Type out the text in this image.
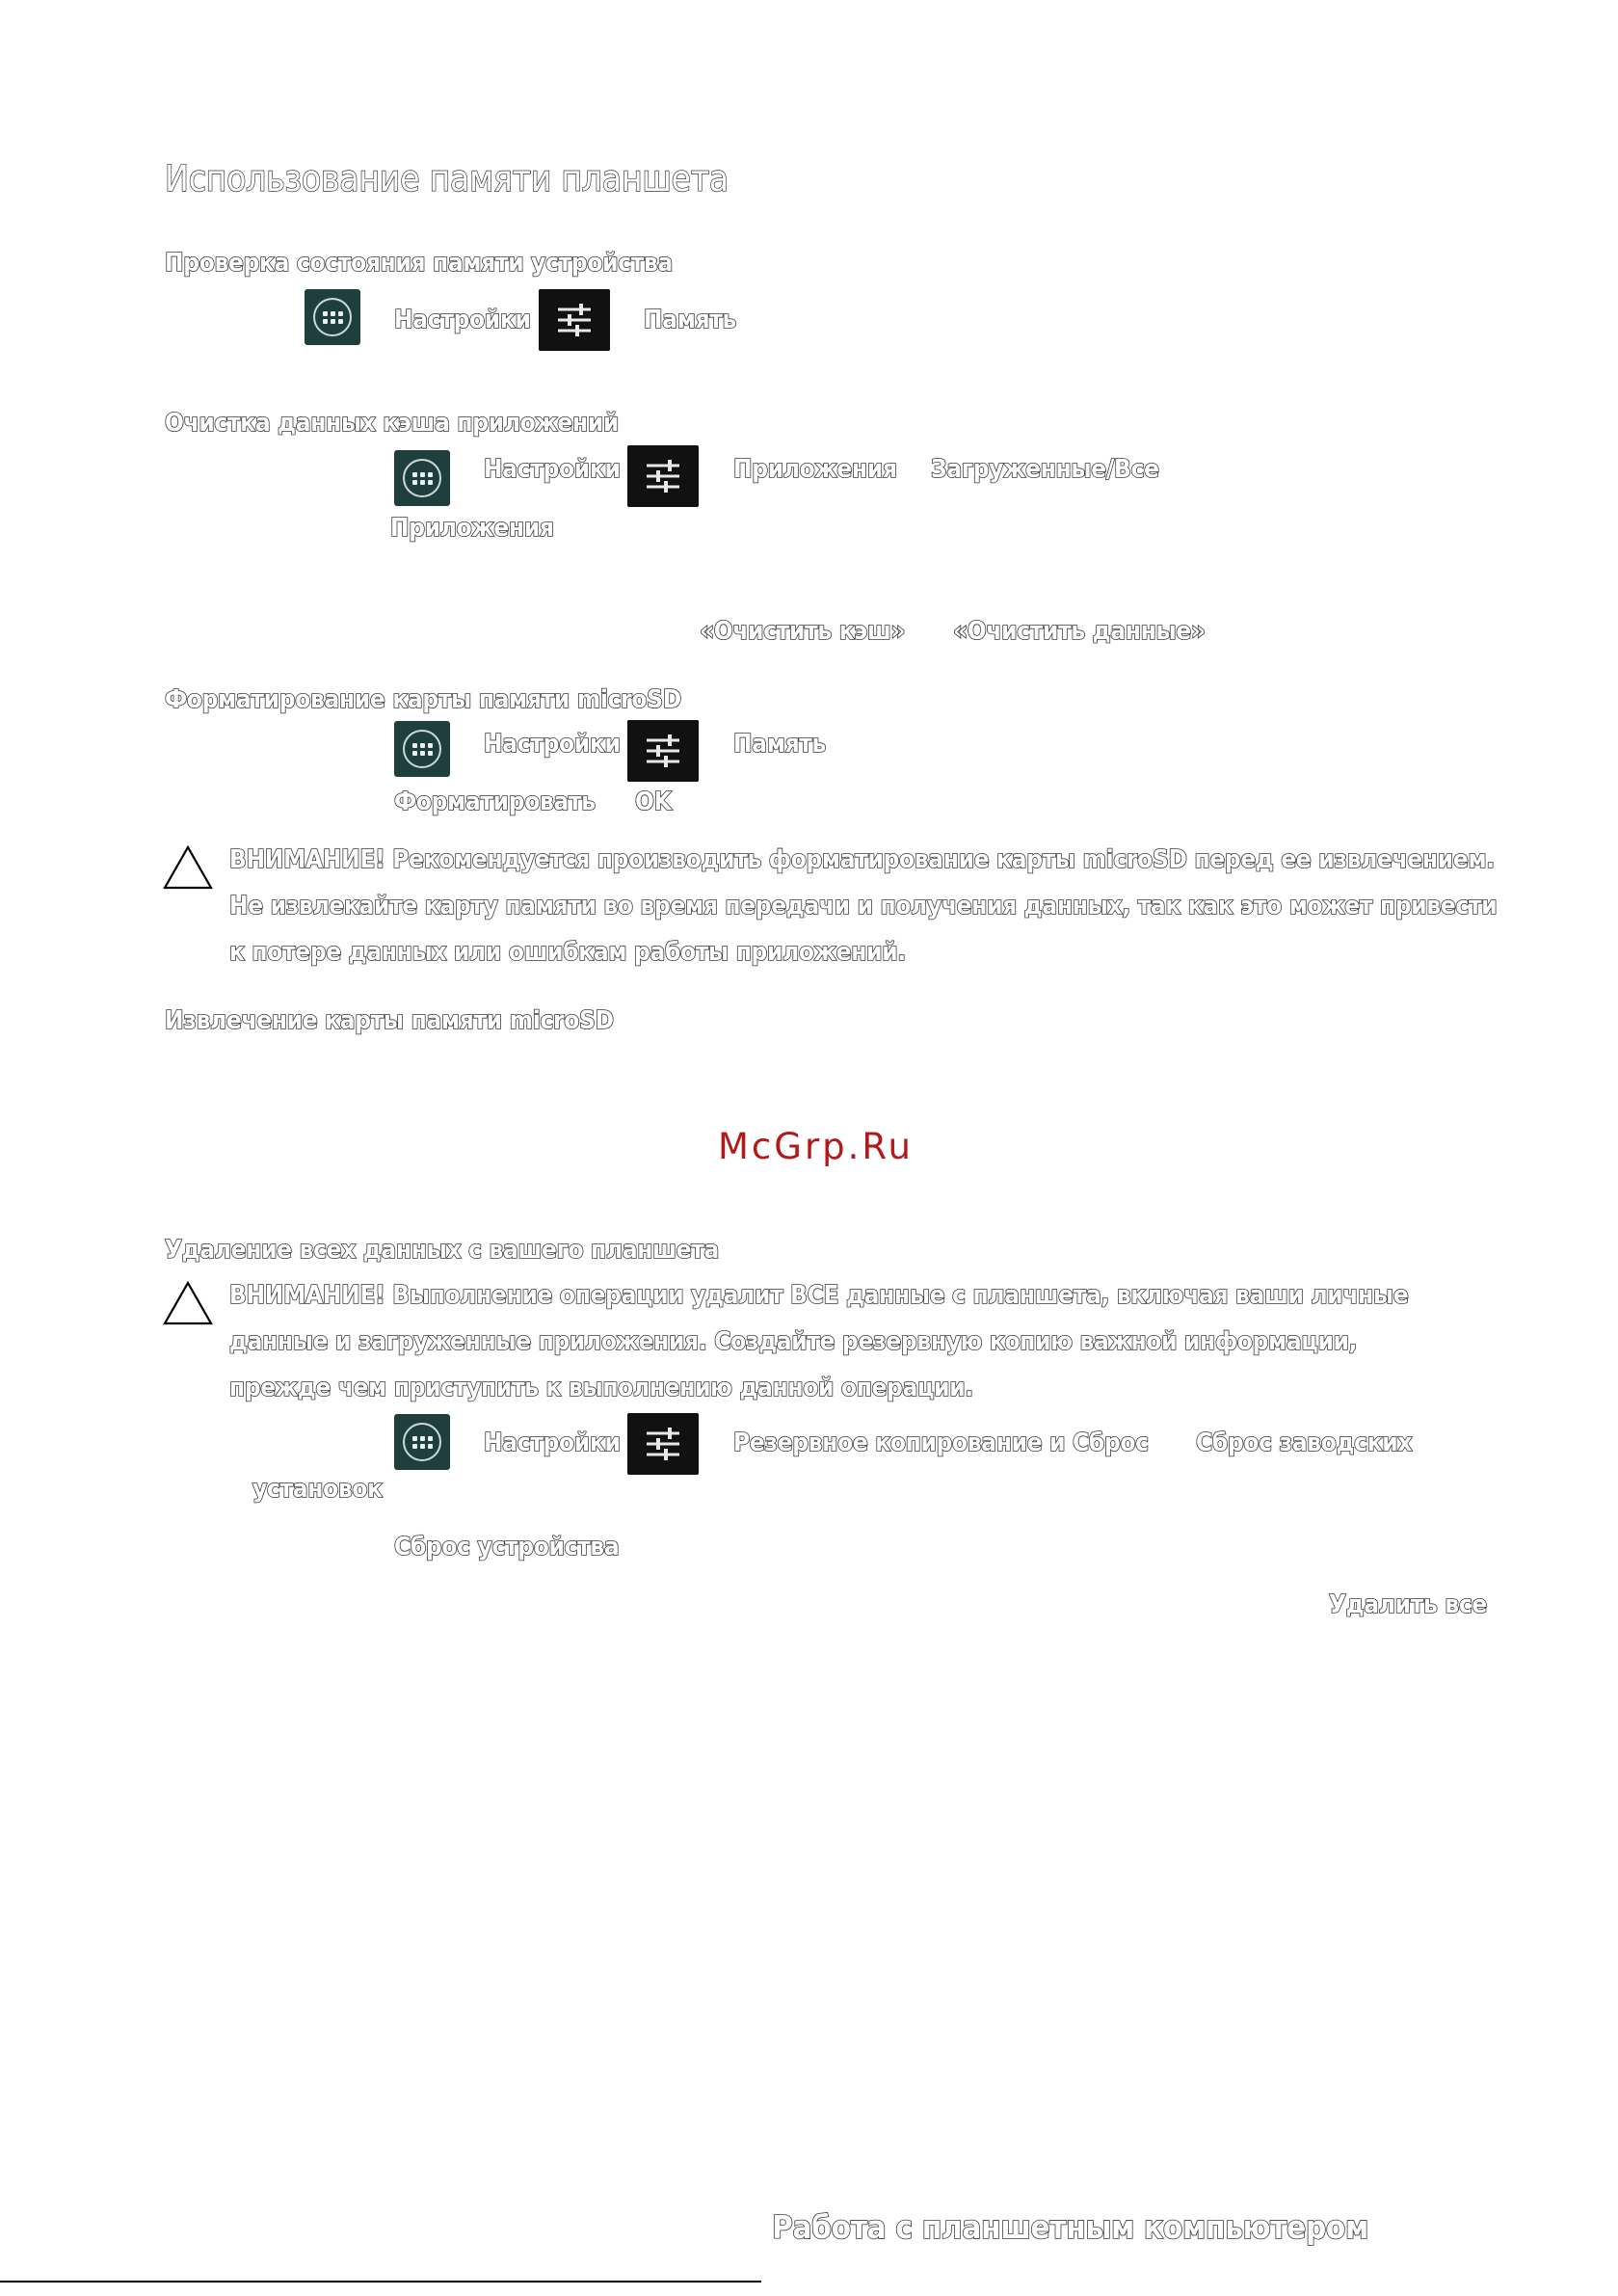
Использование памяти планшета
Проверка состояния памяти устройства
Настройки	Память
Очистка данных кэша приложений
Настройки	Приложения Загруженные/Все
Приложения
«Очистить кэш» «Очистить данные»
Форматирование карты памяти microSD
Настройки	Память
Форматировать OK
ВНИМАНИЕ! Рекомендуется производить форматирование карты microSD перед ее извлечением.
Не извлекайте карту памяти во время передачи и получения данных, так как это может привести
к потере данных или ошибкам работы приложений.
Извлечение карты памяти microSD
McGrp.Ru
Удаление всех данных с вашего планшета
ВНИМАНИЕ! Выполнение операции удалит ВСЕ данные с планшета, включая ваши личные
данные и загруженные приложения. Создайте резервную копию важной информации,
прежде чем приступить к выполнению данной операции.
Настройки	Резервное копирование и Сброс Сброс заводских
установок
Сброс устройства
Удалить все
Работа с планшетным компьютером
